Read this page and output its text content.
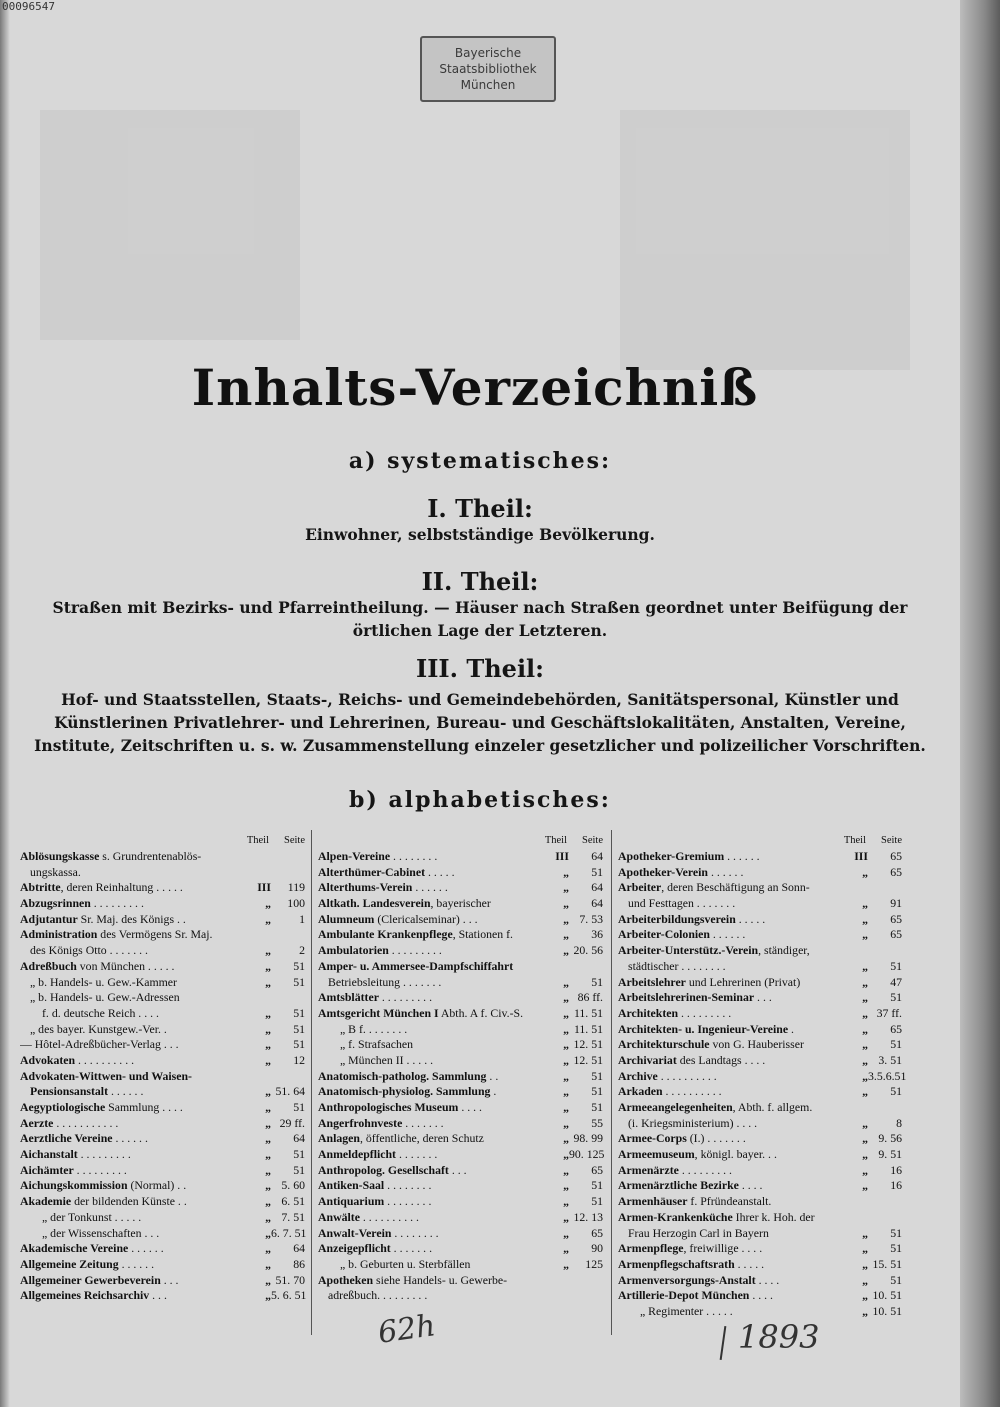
00096547
Bayerische
Staatsbibliothek
München
Inhalts-Verzeichniß
a) systematisches:
I. Theil:
Einwohner, selbstständige Bevölkerung.
II. Theil:
Straßen mit Bezirks- und Pfarreintheilung. — Häuser nach Straßen geordnet unter Beifügung der örtlichen Lage der Letzteren.
III. Theil:
Hof- und Staatsstellen, Staats-, Reichs- und Gemeindebehörden, Sanitätspersonal, Künstler und Künstlerinen Privatlehrer- und Lehrerinen, Bureau- und Geschäftslokalitäten, Anstalten, Vereine, Institute, Zeitschriften u. s. w. Zusammenstellung einzeler gesetzlicher und polizeilicher Vorschriften.
b) alphabetisches:
Theil Seite
Ablösungskasse s. Grundrentenablös-
ungskassa.
Abtritte, deren Reinhaltung . . . . .	III	119
Abzugsrinnen . . . . . . . . .	„	100
Adjutantur Sr. Maj. des Königs . .	„	1
Administration des Vermögens Sr. Maj.
des Königs Otto . . . . . . .	„	2
Adreßbuch von München . . . . .	„	51
„ b. Handels- u. Gew.-Kammer	„	51
„ b. Handels- u. Gew.-Adressen
f. d. deutsche Reich . . . .	„	51
„ des bayer. Kunstgew.-Ver. .	„	51
— Hôtel-Adreßbücher-Verlag . . .	„	51
Advokaten . . . . . . . . . .	„	12
Advokaten-Wittwen- und Waisen-
Pensionsanstalt . . . . . .	„ 51. 64
Aegyptiologische Sammlung . . . .	„	51
Aerzte . . . . . . . . . . .	„ 29 ff.
Aerztliche Vereine . . . . . .	„	64
Aichanstalt . . . . . . . . .	„	51
Aichämter . . . . . . . . .	„	51
Aichungskommission (Normal) . .	„ 5. 60
Akademie der bildenden Künste . .	„ 6. 51
„ der Tonkunst . . . . .	„ 7. 51
„ der Wissenschaften . . .	„ 6. 7. 51
Akademische Vereine . . . . . .	„	64
Allgemeine Zeitung . . . . . .	„	86
Allgemeiner Gewerbeverein . . .	„ 51. 70
Allgemeines Reichsarchiv . . .	„ 5. 6. 51
Theil Seite
Alpen-Vereine . . . . . . . .	III	64
Alterthümer-Cabinet . . . . .	„	51
Alterthums-Verein . . . . . .	„	64
Altkath. Landesverein, bayerischer	„	64
Alumneum (Clericalseminar) . . .	„ 7. 53
Ambulante Krankenpflege, Stationen f.	„	36
Ambulatorien . . . . . . . . .	„ 20. 56
Amper- u. Ammersee-Dampfschiffahrt
Betriebsleitung . . . . . . .	„	51
Amtsblätter . . . . . . . . .	„ 86 ff.
Amtsgericht München I Abth. A f. Civ.-S.	„ 11. 51
„ B f. . . . . . . .	„ 11. 51
„ f. Strafsachen	„ 12. 51
„ München II . . . . .	„ 12. 51
Anatomisch-patholog. Sammlung . .	„	51
Anatomisch-physiolog. Sammlung .	„	51
Anthropologisches Museum . . . .	„	51
Angerfrohnveste . . . . . . .	„	55
Anlagen, öffentliche, deren Schutz	„ 98. 99
Anmeldepflicht . . . . . . .	„ 90. 125
Anthropolog. Gesellschaft . . .	„	65
Antiken-Saal . . . . . . . .	„	51
Antiquarium . . . . . . . .	„	51
Anwälte . . . . . . . . . .	„ 12. 13
Anwalt-Verein . . . . . . . .	„	65
Anzeigepflicht . . . . . . .	„	90
„ b. Geburten u. Sterbfällen	„	125
Apotheken siehe Handels- u. Gewerbe-
adreßbuch. . . . . . . . .
Theil Seite
Apotheker-Gremium . . . . . .	III	65
Apotheker-Verein . . . . . .	„	65
Arbeiter, deren Beschäftigung an Sonn-
und Festtagen . . . . . . .	„	91
Arbeiterbildungsverein . . . . .	„	65
Arbeiter-Colonien . . . . . .	„	65
Arbeiter-Unterstütz.-Verein, ständiger,
städtischer . . . . . . . .	„	51
Arbeitslehrer und Lehrerinen (Privat)	„	47
Arbeitslehrerinen-Seminar . . .	„	51
Architekten . . . . . . . . .	„ 37 ff.
Architekten- u. Ingenieur-Vereine .	„	65
Architekturschule von G. Hauberisser	„	51
Archivariat des Landtags . . . .	„ 3. 51
Archive . . . . . . . . . .	„ 3.5.6.51
Arkaden . . . . . . . . . .	„	51
Armeeangelegenheiten, Abth. f. allgem.
(i. Kriegsministerium) . . . .	„	8
Armee-Corps (I.) . . . . . . .	„ 9. 56
Armeemuseum, königl. bayer. . .	„ 9. 51
Armenärzte . . . . . . . . .	„	16
Armenärztliche Bezirke . . . .	„	16
Armenhäuser f. Pfründeanstalt.
Armen-Krankenküche Ihrer k. Hoh. der
Frau Herzogin Carl in Bayern	„	51
Armenpflege, freiwillige . . . .	„	51
Armenpflegschaftsrath . . . . .	„ 15. 51
Armenversorgungs-Anstalt . . . .	„	51
Artillerie-Depot München . . . .	„ 10. 51
„ Regimenter . . . . .	„ 10. 51
62h	1893
